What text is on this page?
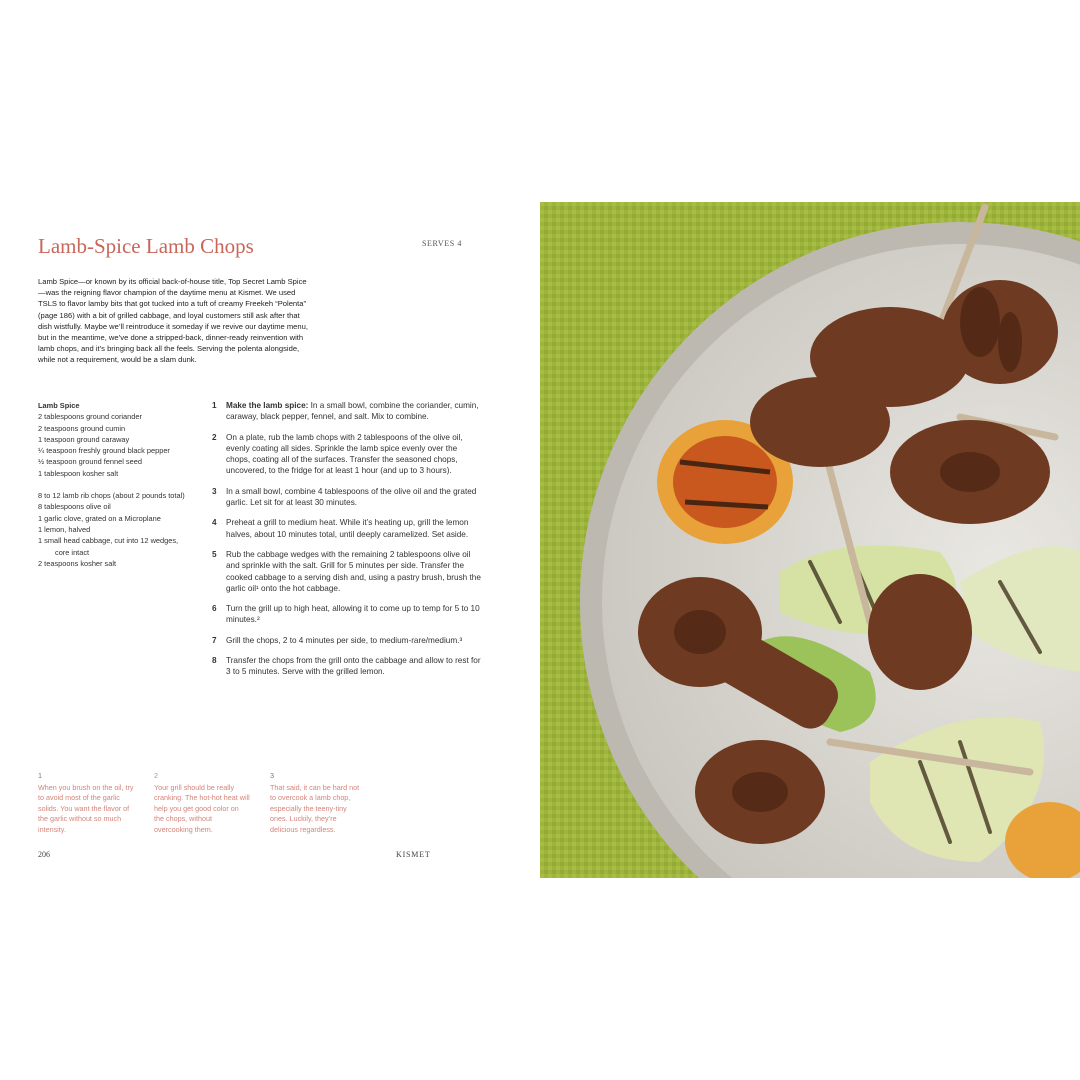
Lamb-Spice Lamb Chops	SERVES 4

Lamb Spice—or known by its official back-of-house title, Top Secret Lamb Spice—was the reigning flavor champion of the daytime menu at Kismet. We used TSLS to flavor lamby bits that got tucked into a tuft of creamy Freekeh “Polenta” (page 186) with a bit of grilled cabbage, and loyal customers still ask after that dish wistfully. Maybe we’ll reintroduce it someday if we revive our daytime menu, but in the meantime, we’ve done a stripped-back, dinner-ready reinvention with lamb chops, and it’s bringing back all the feels. Serving the polenta alongside, while not a requirement, would be a slam dunk.

Lamb Spice
2 tablespoons ground coriander
2 teaspoons ground cumin
1 teaspoon ground caraway
¼ teaspoon freshly ground black pepper
½ teaspoon ground fennel seed
1 tablespoon kosher salt
8 to 12 lamb rib chops (about 2 pounds total)
8 tablespoons olive oil
1 garlic clove, grated on a Microplane
1 lemon, halved
1 small head cabbage, cut into 12 wedges,
core intact
2 teaspoons kosher salt
1 Make the lamb spice: In a small bowl, combine the coriander, cumin, caraway, black pepper, fennel, and salt. Mix to combine.
2 On a plate, rub the lamb chops with 2 tablespoons of the olive oil, evenly coating all sides. Sprinkle the lamb spice evenly over the chops, coating all of the surfaces. Transfer the seasoned chops, uncovered, to the fridge for at least 1 hour (and up to 3 hours).
3 In a small bowl, combine 4 tablespoons of the olive oil and the grated garlic. Let sit for at least 30 minutes.
4 Preheat a grill to medium heat. While it’s heating up, grill the lemon halves, about 10 minutes total, until deeply caramelized. Set aside.
5 Rub the cabbage wedges with the remaining 2 tablespoons olive oil and sprinkle with the salt. Grill for 5 minutes per side. Transfer the cooked cabbage to a serving dish and, using a pastry brush, brush the garlic oil¹ onto the hot cabbage.
6 Turn the grill up to high heat, allowing it to come up to temp for 5 to 10 minutes.²
7 Grill the chops, 2 to 4 minutes per side, to medium-rare/medium.³
8 Transfer the chops from the grill onto the cabbage and allow to rest for 3 to 5 minutes. Serve with the grilled lemon.
1
When you brush on the oil, try to avoid most of the garlic solids. You want the flavor of the garlic without so much intensity.
2
Your grill should be really cranking. The hot-hot heat will help you get good color on the chops, without overcooking them.
3
That said, it can be hard not to overcook a lamb chop, especially the teeny-tiny ones. Luckily, they’re delicious regardless.
206	KISMET
